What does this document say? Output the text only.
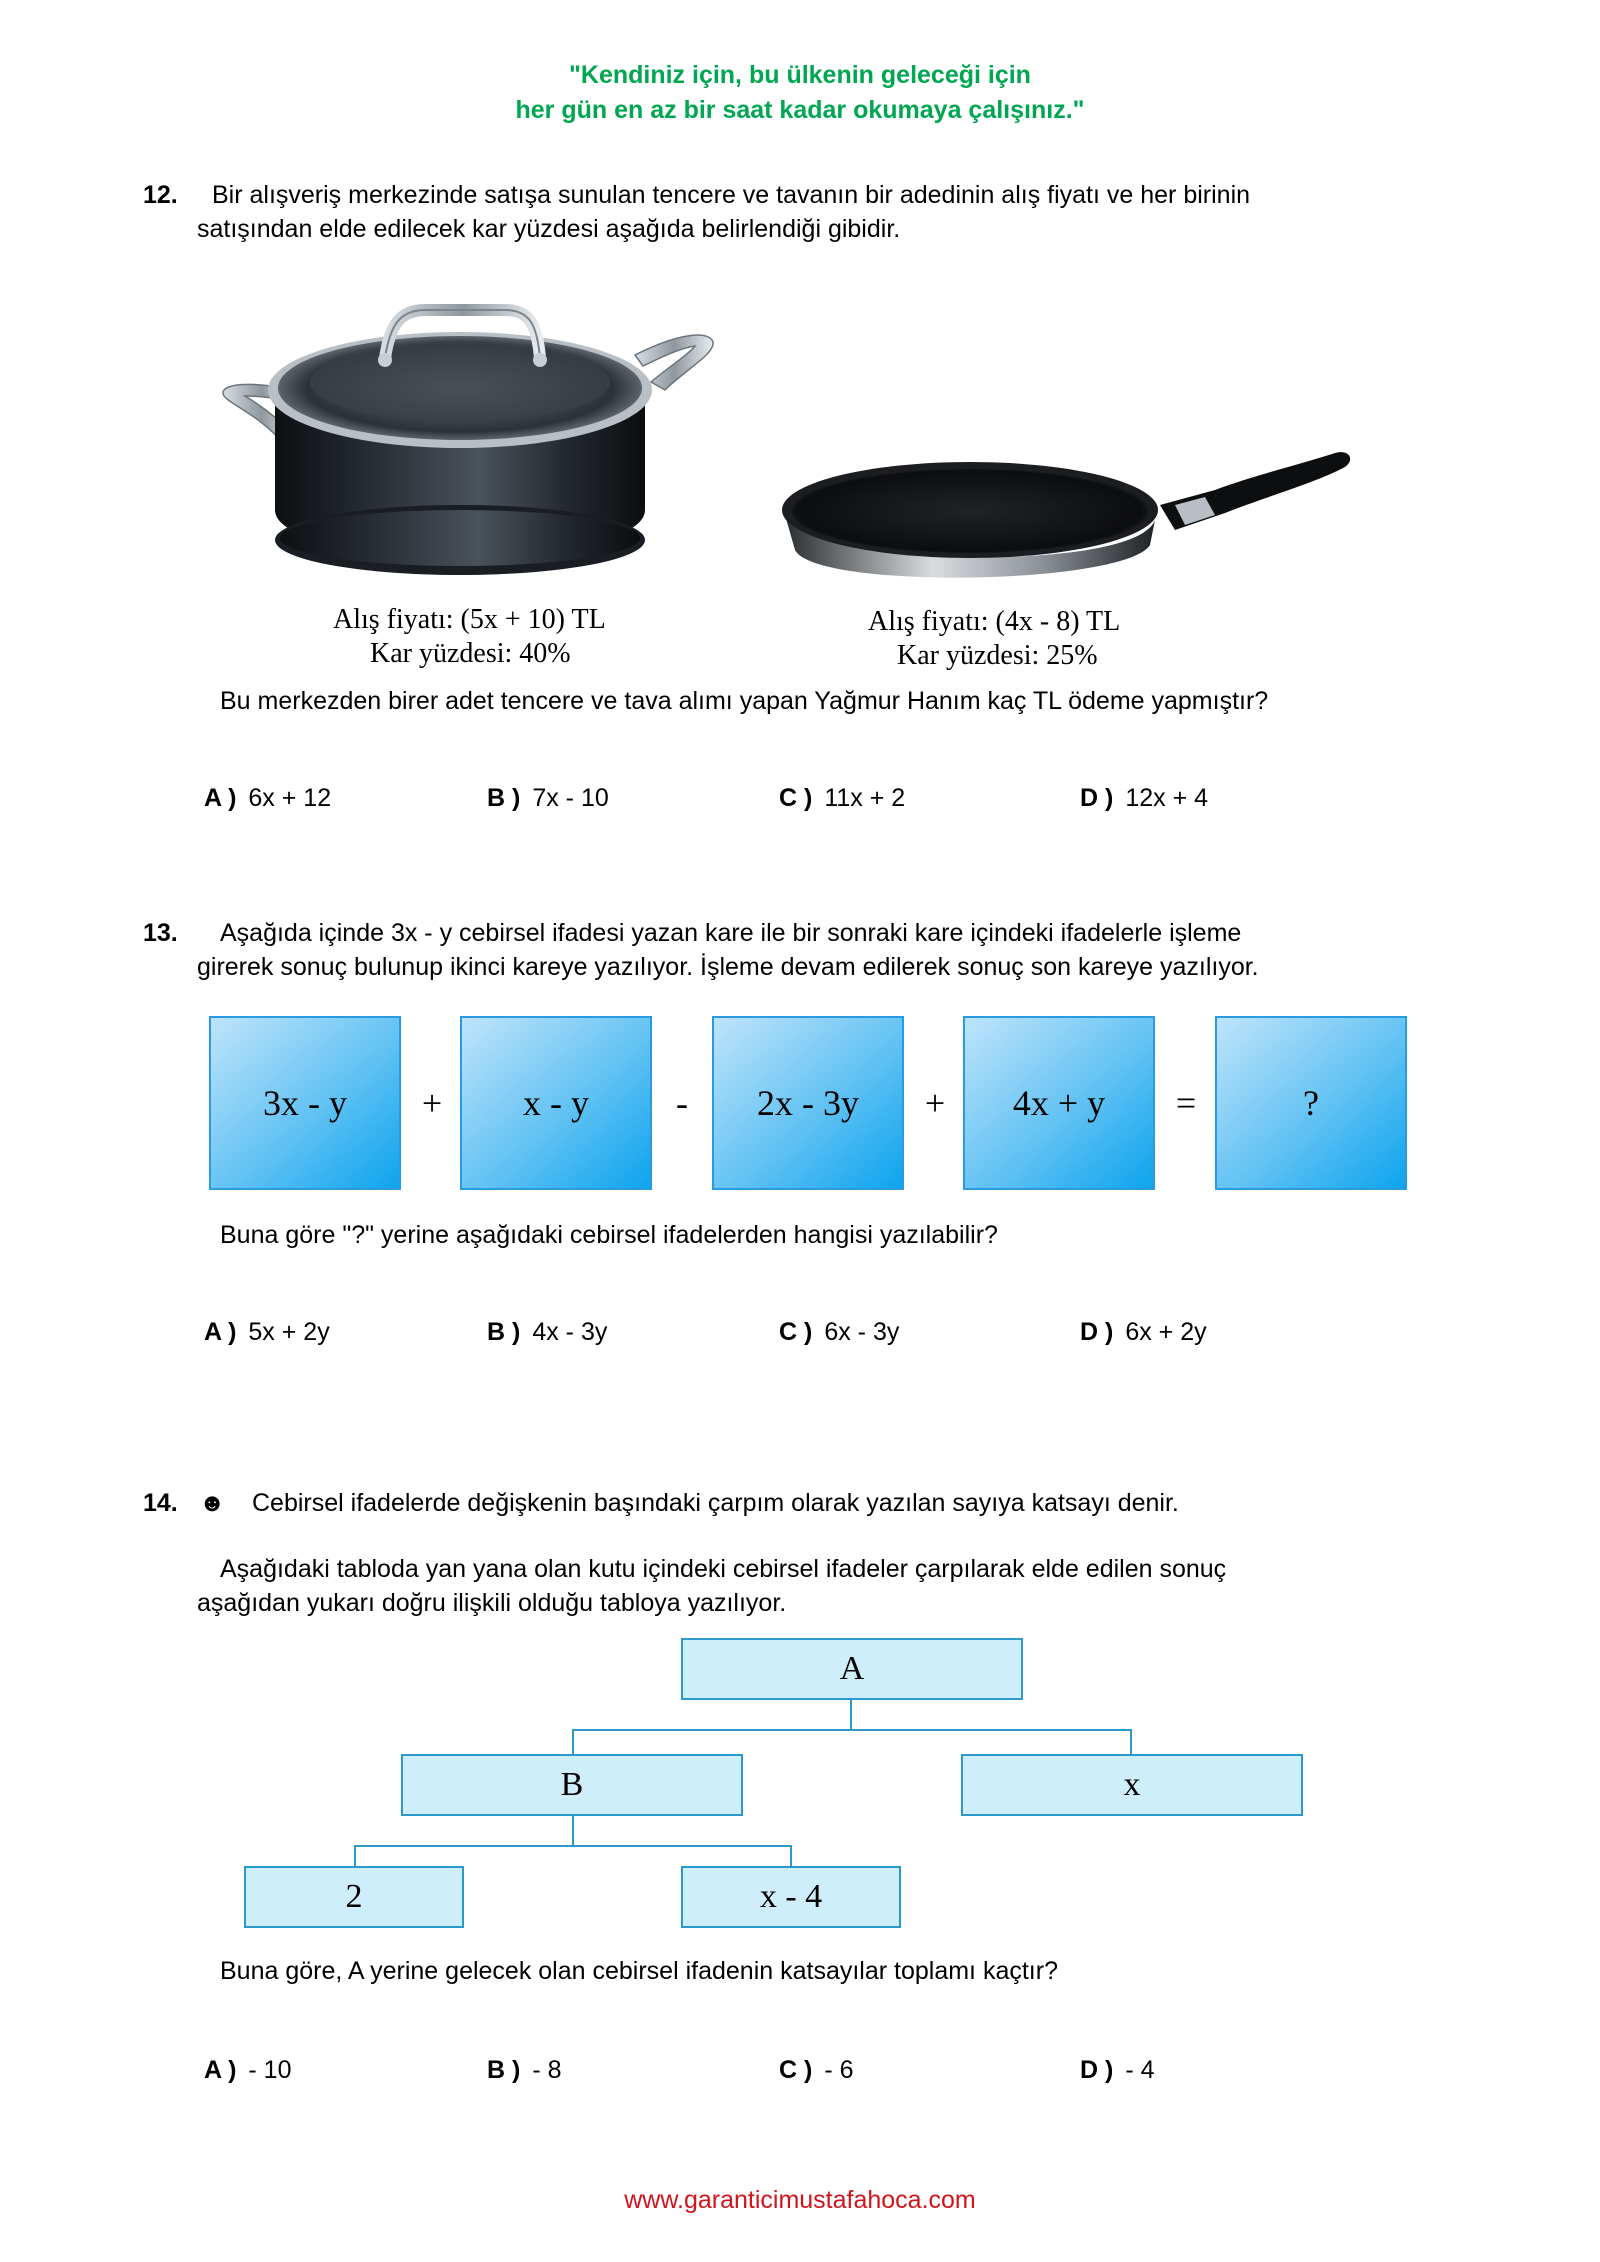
"Kendiniz için, bu ülkenin geleceği için
her gün en az bir saat kadar okumaya çalışınız."
12. Bir alışveriş merkezinde satışa sunulan tencere ve tavanın bir adedinin alış fiyatı ve her birinin
satışından elde edilecek kar yüzdesi aşağıda belirlendiği gibidir.
Alış fiyatı: (5x + 10) TL
Kar yüzdesi: 40%
Alış fiyatı: (4x - 8) TL
Kar yüzdesi: 25%
Bu merkezden birer adet tencere ve tava alımı yapan Yağmur Hanım kaç TL ödeme yapmıştır?
A ) 6x + 12	B ) 7x - 10	C ) 11x + 2	D ) 12x + 4
13. Aşağıda içinde 3x - y cebirsel ifadesi yazan kare ile bir sonraki kare içindeki ifadelerle işleme
girerek sonuç bulunup ikinci kareye yazılıyor. İşleme devam edilerek sonuç son kareye yazılıyor.
3x - y	+	x - y	-	2x - 3y	+	4x + y	=	?
Buna göre "?" yerine aşağıdaki cebirsel ifadelerden hangisi yazılabilir?
A ) 5x + 2y	B ) 4x - 3y	C ) 6x - 3y	D ) 6x + 2y
14. ☻ Cebirsel ifadelerde değişkenin başındaki çarpım olarak yazılan sayıya katsayı denir.
Aşağıdaki tabloda yan yana olan kutu içindeki cebirsel ifadeler çarpılarak elde edilen sonuç
aşağıdan yukarı doğru ilişkili olduğu tabloya yazılıyor.
A
B	x
2	x - 4
Buna göre, A yerine gelecek olan cebirsel ifadenin katsayılar toplamı kaçtır?
A ) - 10	B ) - 8	C ) - 6	D ) - 4
www.garanticimustafahoca.com
